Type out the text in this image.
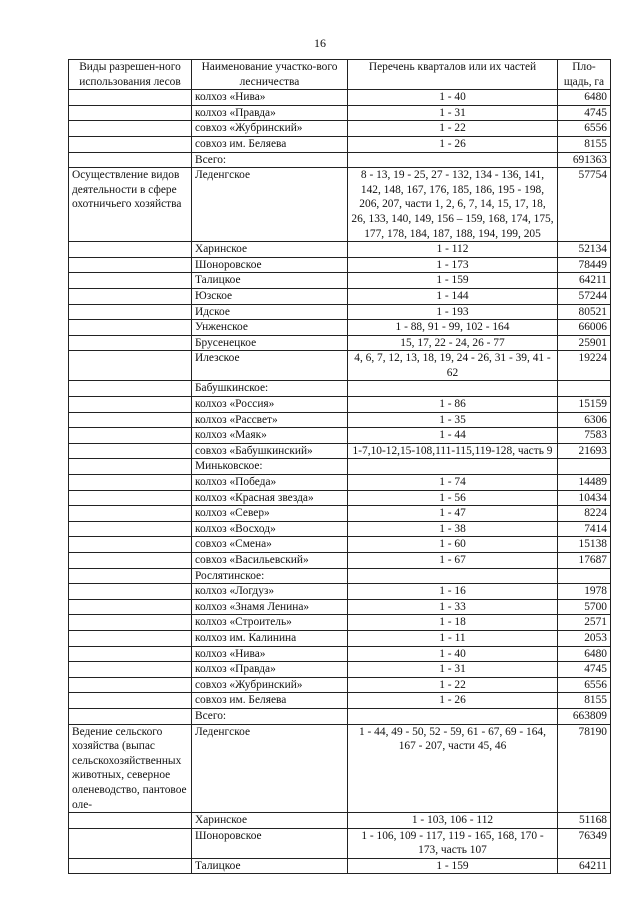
16
Виды разрешен-ного использования лесов	Наименование участко-вого лесничества	Перечень кварталов или их частей	Пло-щадь, га
	колхоз «Нива»	1 - 40	6480
	колхоз «Правда»	1 - 31	4745
	совхоз «Жубринский»	1 - 22	6556
	совхоз им. Беляева	1 - 26	8155
	Всего:		691363
Осуществление видов деятельности в сфере охотничьего хозяйства	Леденгское	8 - 13, 19 - 25, 27 - 132, 134 - 136, 141, 142, 148, 167, 176, 185, 186, 195 - 198, 206, 207, части 1, 2, 6, 7, 14, 15, 17, 18, 26, 133, 140, 149, 156 – 159, 168, 174, 175, 177, 178, 184, 187, 188, 194, 199, 205	57754
	Харинское	1 - 112	52134
	Шоноровское	1 - 173	78449
	Талицкое	1 - 159	64211
	Юзское	1 - 144	57244
	Идское	1 - 193	80521
	Унженское	1 - 88, 91 - 99, 102 - 164	66006
	Брусенецкое	15, 17, 22 - 24, 26 - 77	25901
	Илезское	4, 6, 7, 12, 13, 18, 19, 24 - 26, 31 - 39, 41 - 62	19224
	Бабушкинское:		
	колхоз «Россия»	1 - 86	15159
	колхоз «Рассвет»	1 - 35	6306
	колхоз «Маяк»	1 - 44	7583
	совхоз «Бабушкинский»	1-7,10-12,15-108,111-115,119-128, часть 9	21693
	Миньковское:		
	колхоз «Победа»	1 - 74	14489
	колхоз «Красная звезда»	1 - 56	10434
	колхоз «Север»	1 - 47	8224
	колхоз «Восход»	1 - 38	7414
	совхоз «Смена»	1 - 60	15138
	совхоз «Васильевский»	1 - 67	17687
	Рослятинское:		
	колхоз «Логдуз»	1 - 16	1978
	колхоз «Знамя Ленина»	1 - 33	5700
	колхоз «Строитель»	1 - 18	2571
	колхоз им. Калинина	1 - 11	2053
	колхоз «Нива»	1 - 40	6480
	колхоз «Правда»	1 - 31	4745
	совхоз «Жубринский»	1 - 22	6556
	совхоз им. Беляева	1 - 26	8155
	Всего:		663809
Ведение сельского хозяйства (выпас сельскохозяйственных животных, северное оленеводство, пантовое оле-	Леденгское	1 - 44, 49 - 50, 52 - 59, 61 - 67, 69 - 164, 167 - 207, части 45, 46	78190
	Харинское	1 - 103, 106 - 112	51168
	Шоноровское	1 - 106, 109 - 117, 119 - 165, 168, 170 - 173, часть 107	76349
	Талицкое	1 - 159	64211
